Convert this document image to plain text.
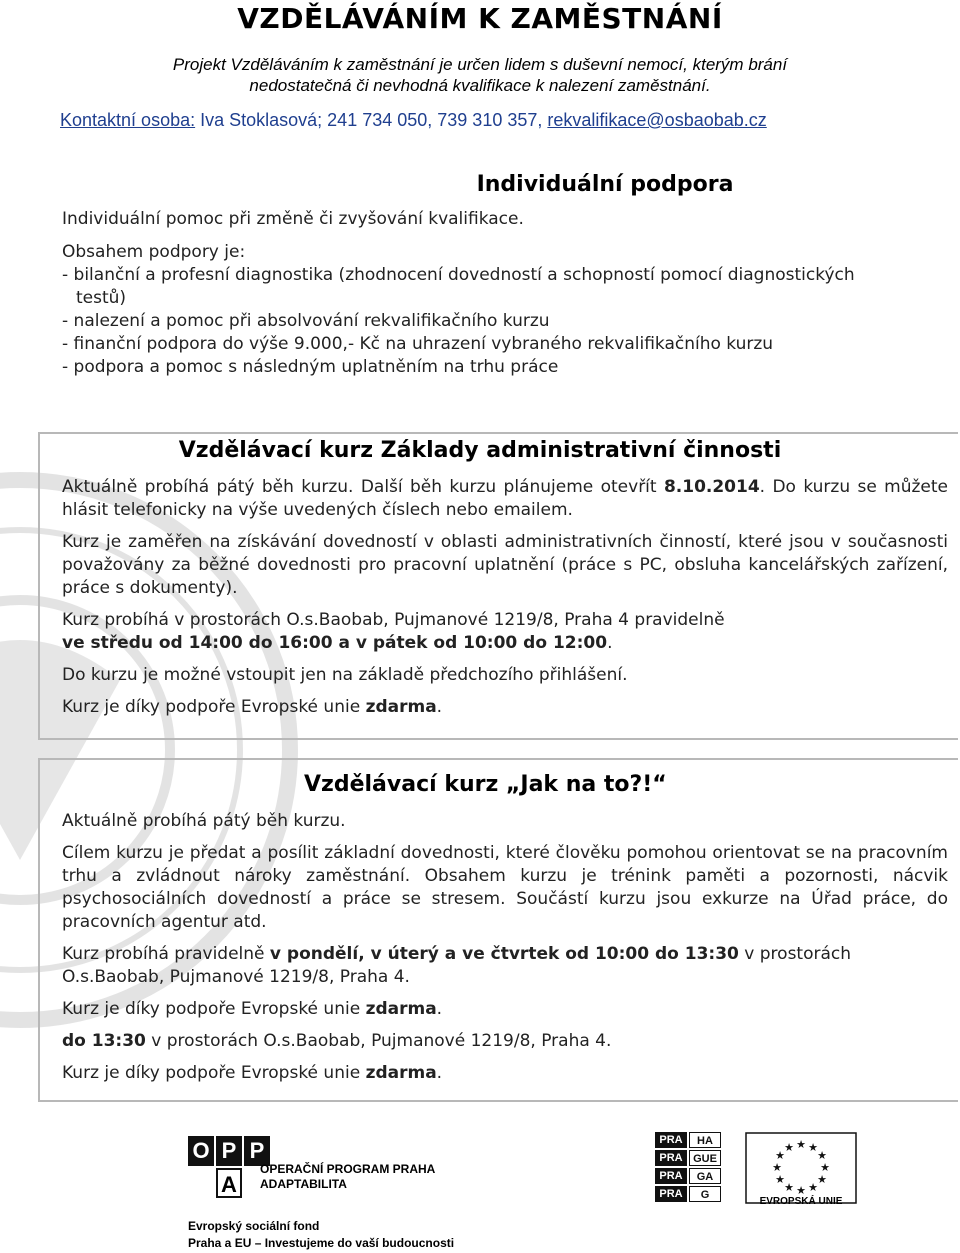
VZDĚLÁVÁNÍM K ZAMĚSTNÁNÍ
Projekt Vzděláváním k zaměstnání je určen lidem s duševní nemocí, kterým brání
nedostatečná či nevhodná kvalifikace k nalezení zaměstnání.
Kontaktní osoba: Iva Stoklasová; 241 734 050, 739 310 357, rekvalifikace@osbaobab.cz
Individuální podpora

Individuální pomoc při změně či zvyšování kvalifikace.

Obsahem podpory je:

- bilanční a profesní diagnostika (zhodnocení dovedností a schopností pomocí diagnostických

testů)

- nalezení a pomoc při absolvování rekvalifikačního kurzu

- finanční podpora do výše 9.000,- Kč na uhrazení vybraného rekvalifikačního kurzu

- podpora a pomoc s následným uplatněním na trhu práce

Vzdělávací kurz Základy administrativní činnosti

Aktuálně probíhá pátý běh kurzu. Další běh kurzu plánujeme otevřít 8.10.2014. Do kurzu se můžete hlásit telefonicky na výše uvedených číslech nebo emailem.

Kurz je zaměřen na získávání dovedností v oblasti administrativních činností, které jsou v současnosti považovány za běžné dovednosti pro pracovní uplatnění (práce s PC, obsluha kancelářských zařízení, práce s dokumenty).

Kurz probíhá v prostorách O.s.Baobab, Pujmanové 1219/8, Praha 4 pravidelně

ve středu od 14:00 do 16:00 a v pátek od 10:00 do 12:00.

Do kurzu je možné vstoupit jen na základě předchozího přihlášení.

Kurz je díky podpoře Evropské unie zdarma.

Vzdělávací kurz „Jak na to?!“

Aktuálně probíhá pátý běh kurzu.

Cílem kurzu je předat a posílit základní dovednosti, které člověku pomohou orientovat se na pracovním trhu a zvládnout nároky zaměstnání. Obsahem kurzu je trénink paměti a pozornosti, nácvik psychosociálních dovedností a práce se stresem. Součástí kurzu jsou exkurze na Úřad práce, do pracovních agentur atd.

Kurz probíhá pravidelně v pondělí, v úterý a ve čtvrtek od 10:00 do 13:30 v prostorách O.s.Baobab, Pujmanové 1219/8, Praha 4.

Kurz je díky podpoře Evropské unie zdarma.

do 13:30 v prostorách O.s.Baobab, Pujmanové 1219/8, Praha 4.

Kurz je díky podpoře Evropské unie zdarma.

O P P
A
OPERAČNÍ PROGRAM PRAHA
ADAPTABILITA
PRA	HA
PRA GUE
PRA	GA
PRA	G
★ ★
★
★
★
★
★
★
★
★
★
★
EVROPSKÁ UNIE
Evropský sociální fond
Praha a EU – Investujeme do vaší budoucnosti
